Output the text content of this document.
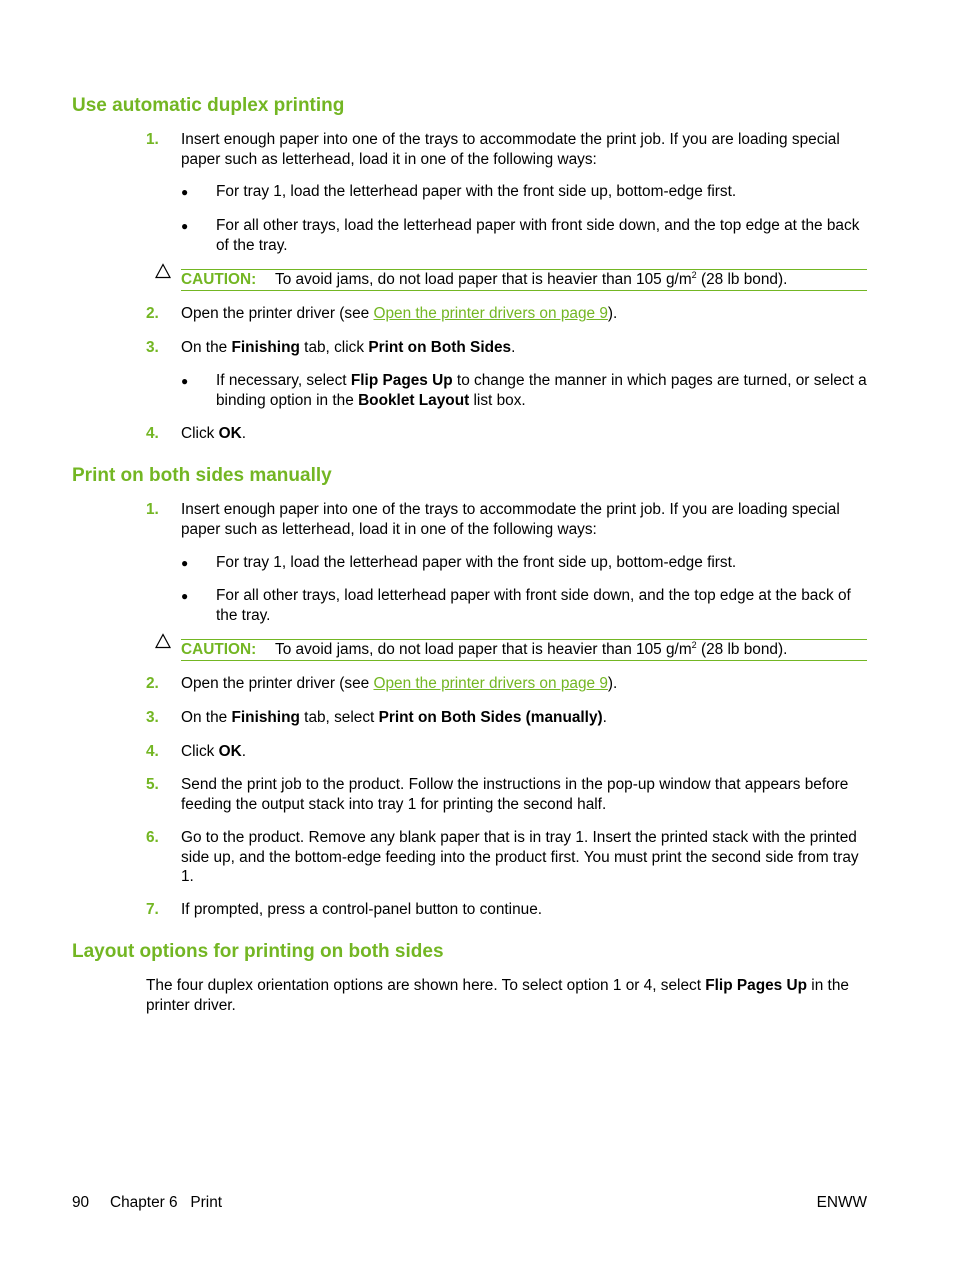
Use automatic duplex printing
1. Insert enough paper into one of the trays to accommodate the print job. If you are loading special paper such as letterhead, load it in one of the following ways:
● For tray 1, load the letterhead paper with the front side up, bottom-edge first.
● For all other trays, load the letterhead paper with front side down, and the top edge at the back of the tray.
CAUTION: To avoid jams, do not load paper that is heavier than 105 $g/m^2$ (28 lb bond).
2. Open the printer driver (see Open the printer drivers on page 9).
3. On the Finishing tab, click Print on Both Sides.
● If necessary, select Flip Pages Up to change the manner in which pages are turned, or select a binding option in the Booklet Layout list box.
4. Click OK.
Print on both sides manually
1. Insert enough paper into one of the trays to accommodate the print job. If you are loading special paper such as letterhead, load it in one of the following ways:
● For tray 1, load the letterhead paper with the front side up, bottom-edge first.
● For all other trays, load letterhead paper with front side down, and the top edge at the back of the tray.
CAUTION: To avoid jams, do not load paper that is heavier than 105 $g/m^2$ (28 lb bond).
2. Open the printer driver (see Open the printer drivers on page 9).
3. On the Finishing tab, select Print on Both Sides (manually).
4. Click OK.
5. Send the print job to the product. Follow the instructions in the pop-up window that appears before feeding the output stack into tray 1 for printing the second half.
6. Go to the product. Remove any blank paper that is in tray 1. Insert the printed stack with the printed side up, and the bottom-edge feeding into the product first. You must print the second side from tray 1.
7. If prompted, press a control-panel button to continue.
Layout options for printing on both sides
The four duplex orientation options are shown here. To select option 1 or 4, select Flip Pages Up in the printer driver.
90 Chapter 6   Print	ENWW
